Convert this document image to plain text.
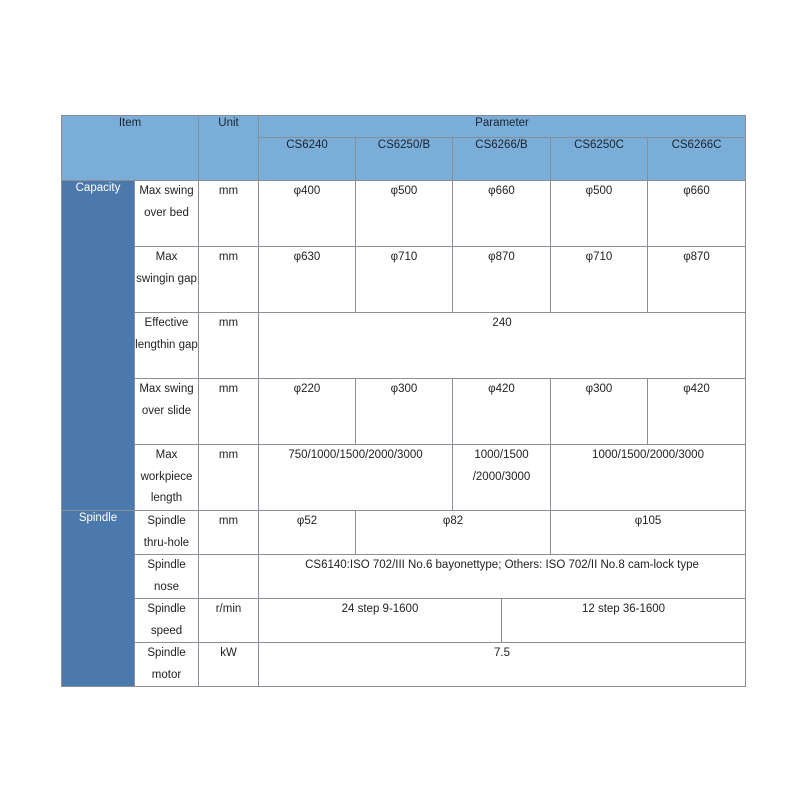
Item		Unit	Parameter					
			CS6240	CS6250/B	CS6266/B		CS6250C	CS6266C
Capacity	Max swing over bed	mm	φ400	φ500	φ660		φ500	φ660
	Max swingin gap	mm	φ630	φ710	φ870		φ710	φ870
	Effective lengthin gap	mm	240					
	Max swing over slide	mm	φ220	φ300	φ420		φ300	φ420
	Max workpiece length	mm	750/1000/1500/2000/3000		1000/1500 /2000/3000		1000/1500/2000/3000	
Spindle	Spindle thru-hole	mm	φ52	φ82			φ105	
	Spindle nose		CS6140:ISO 702/III No.6 bayonettype; Others: ISO 702/II No.8 cam-lock type					
	Spindle speed	r/min	24 step 9-1600			12 step 36-1600		
	Spindle motor	kW	7.5					
